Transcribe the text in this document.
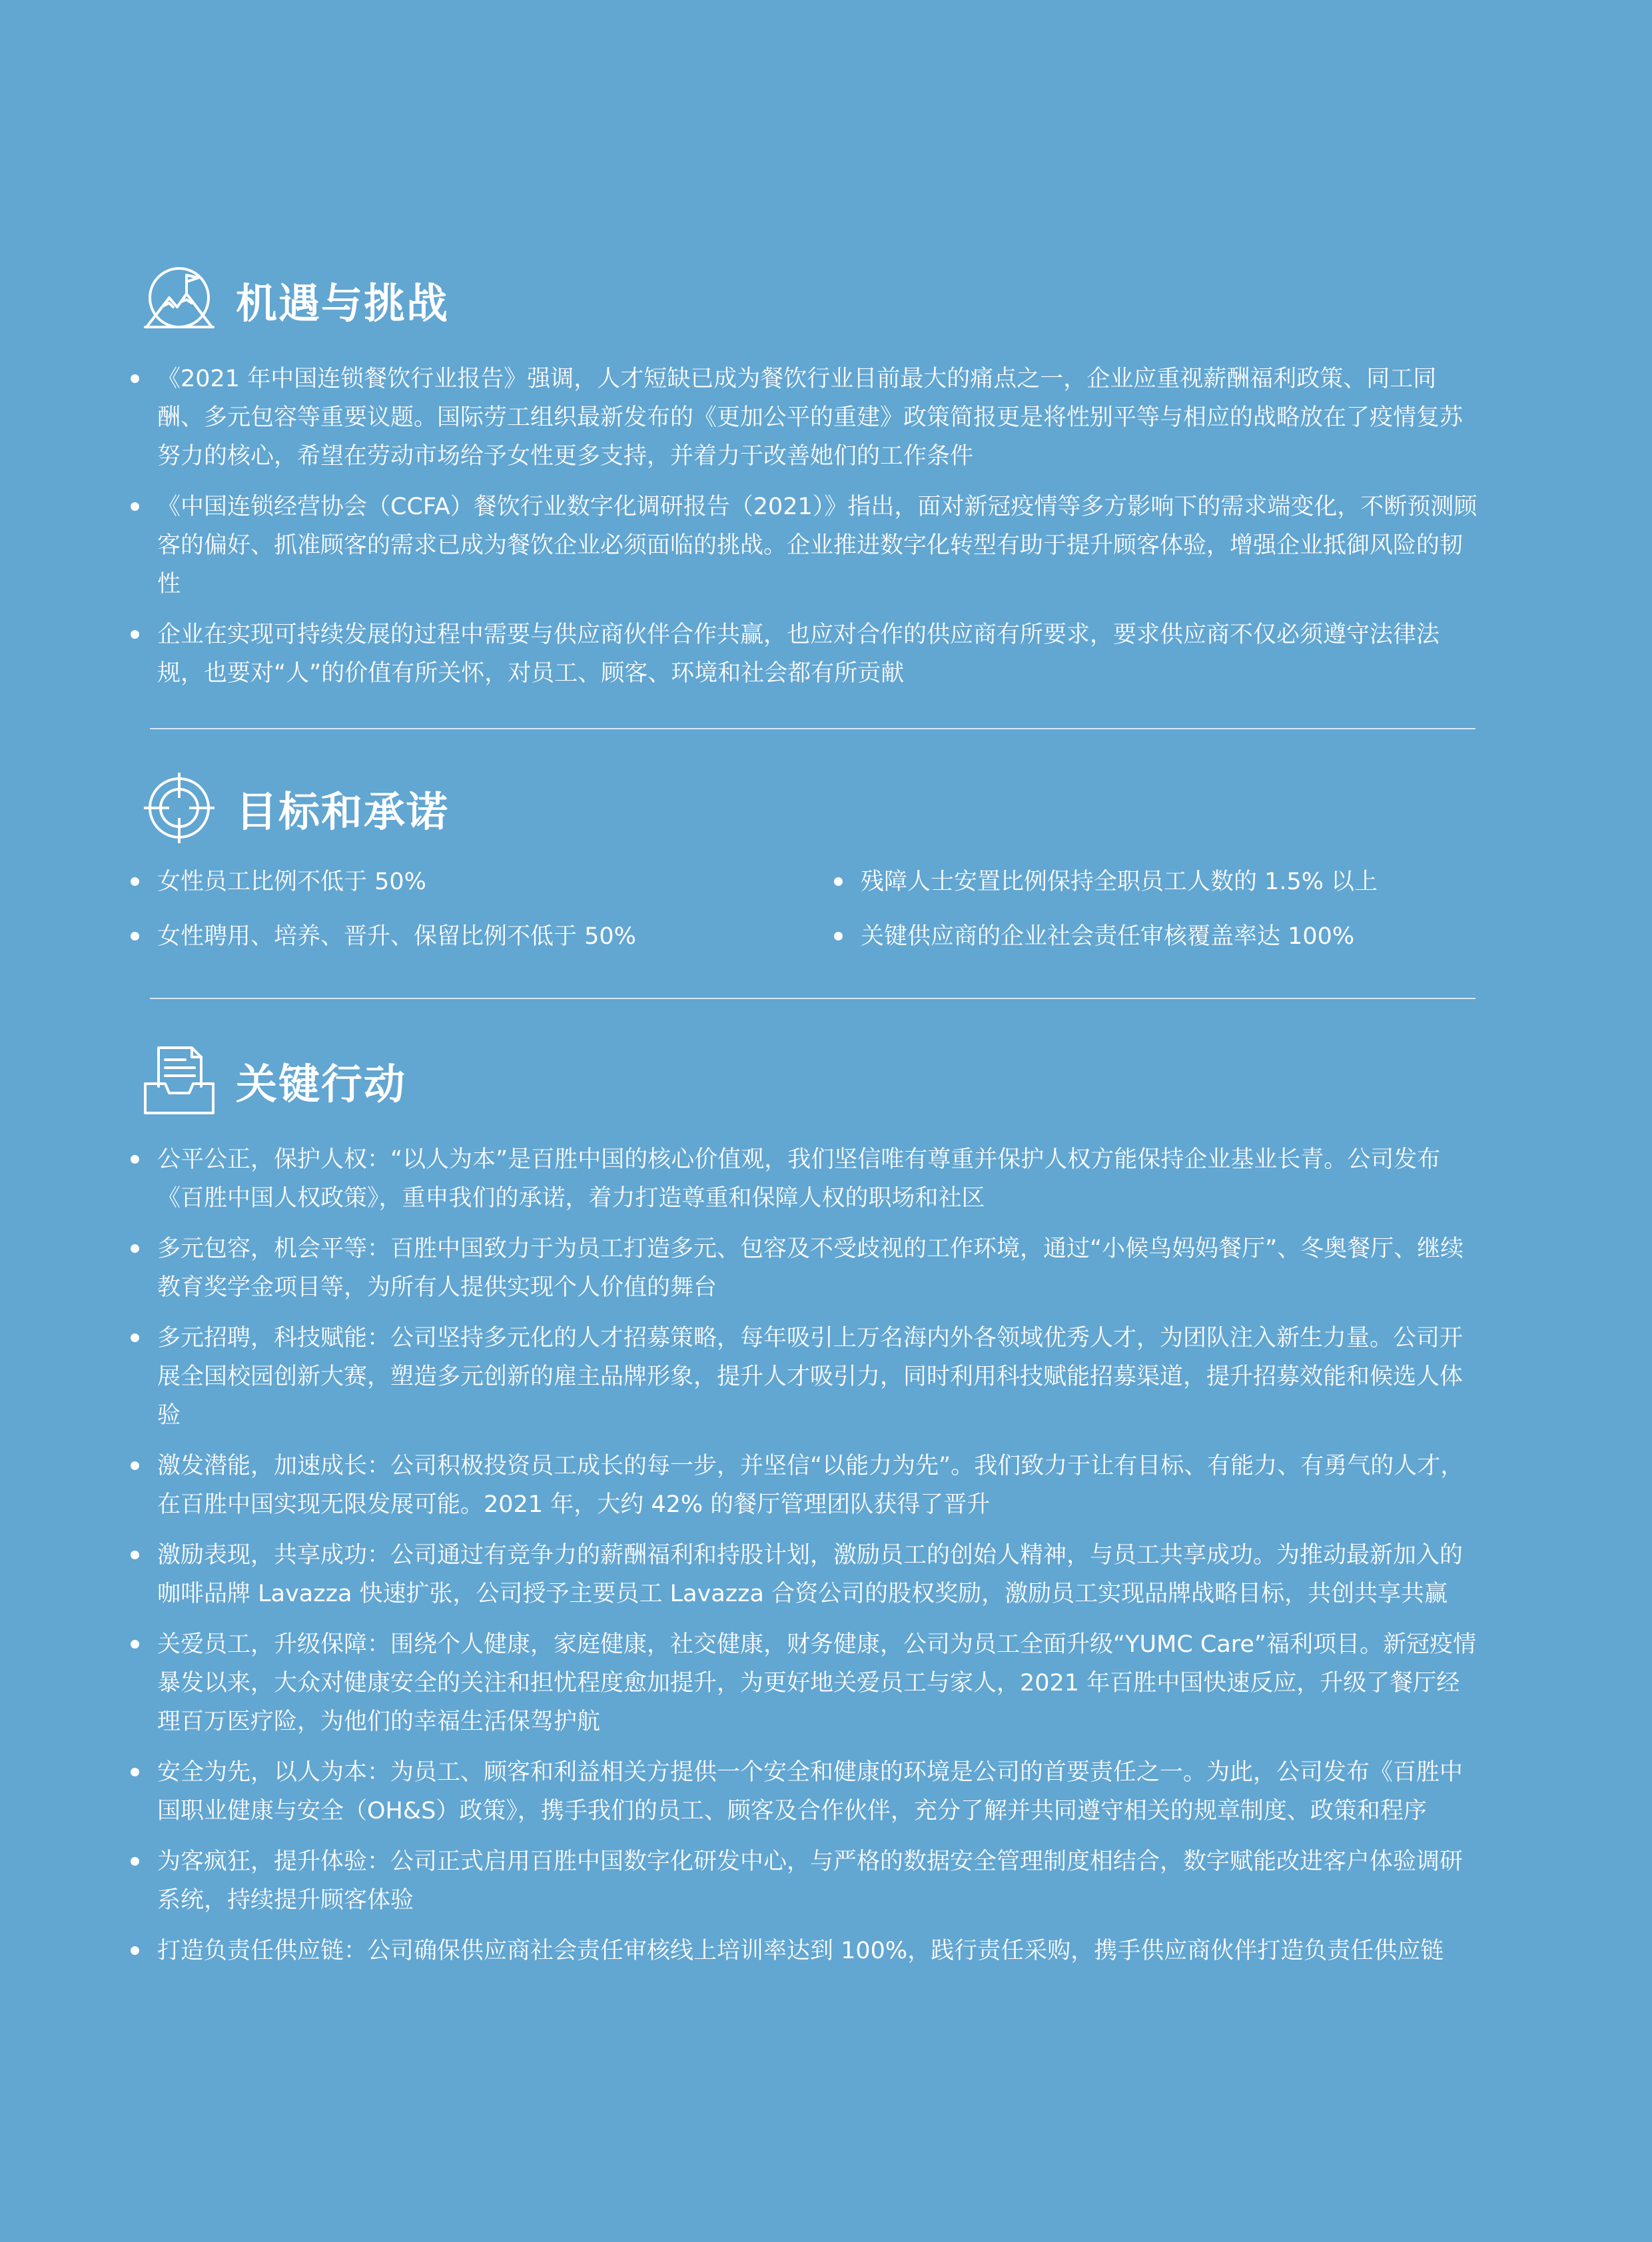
机遇与挑战
《2021 年中国连锁餐饮行业报告》强调，人才短缺已成为餐饮行业目前最大的痛点之一，企业应重视薪酬福利政策、同工同酬、多元包容等重要议题。国际劳工组织最新发布的《更加公平的重建》政策简报更是将性别平等与相应的战略放在了疫情复苏努力的核心，希望在劳动市场给予女性更多支持，并着力于改善她们的工作条件
《中国连锁经营协会（CCFA）餐饮行业数字化调研报告（2021）》指出，面对新冠疫情等多方影响下的需求端变化，不断预测顾客的偏好、抓准顾客的需求已成为餐饮企业必须面临的挑战。企业推进数字化转型有助于提升顾客体验，增强企业抵御风险的韧性
企业在实现可持续发展的过程中需要与供应商伙伴合作共赢，也应对合作的供应商有所要求，要求供应商不仅必须遵守法律法规，也要对“人”的价值有所关怀，对员工、顾客、环境和社会都有所贡献
目标和承诺
女性员工比例不低于 50%	残障人士安置比例保持全职员工人数的 1.5% 以上
女性聘用、培养、晋升、保留比例不低于 50%	关键供应商的企业社会责任审核覆盖率达 100%
关键行动
公平公正，保护人权：“以人为本”是百胜中国的核心价值观，我们坚信唯有尊重并保护人权方能保持企业基业长青。公司发布《百胜中国人权政策》，重申我们的承诺，着力打造尊重和保障人权的职场和社区
多元包容，机会平等：百胜中国致力于为员工打造多元、包容及不受歧视的工作环境，通过“小候鸟妈妈餐厅”、冬奥餐厅、继续教育奖学金项目等，为所有人提供实现个人价值的舞台
多元招聘，科技赋能：公司坚持多元化的人才招募策略，每年吸引上万名海内外各领域优秀人才，为团队注入新生力量。公司开展全国校园创新大赛，塑造多元创新的雇主品牌形象，提升人才吸引力，同时利用科技赋能招募渠道，提升招募效能和候选人体验
激发潜能，加速成长：公司积极投资员工成长的每一步，并坚信“以能力为先”。我们致力于让有目标、有能力、有勇气的人才，在百胜中国实现无限发展可能。2021 年，大约 42% 的餐厅管理团队获得了晋升
激励表现，共享成功：公司通过有竞争力的薪酬福利和持股计划，激励员工的创始人精神，与员工共享成功。为推动最新加入的咖啡品牌 Lavazza 快速扩张，公司授予主要员工 Lavazza 合资公司的股权奖励，激励员工实现品牌战略目标，共创共享共赢
关爱员工，升级保障：围绕个人健康，家庭健康，社交健康，财务健康，公司为员工全面升级“YUMC Care”福利项目。新冠疫情暴发以来，大众对健康安全的关注和担忧程度愈加提升，为更好地关爱员工与家人，2021 年百胜中国快速反应，升级了餐厅经理百万医疗险，为他们的幸福生活保驾护航
安全为先，以人为本：为员工、顾客和利益相关方提供一个安全和健康的环境是公司的首要责任之一。为此，公司发布《百胜中国职业健康与安全（OH&S）政策》，携手我们的员工、顾客及合作伙伴，充分了解并共同遵守相关的规章制度、政策和程序
为客疯狂，提升体验：公司正式启用百胜中国数字化研发中心，与严格的数据安全管理制度相结合，数字赋能改进客户体验调研系统，持续提升顾客体验
打造负责任供应链：公司确保供应商社会责任审核线上培训率达到 100%，践行责任采购，携手供应商伙伴打造负责任供应链
